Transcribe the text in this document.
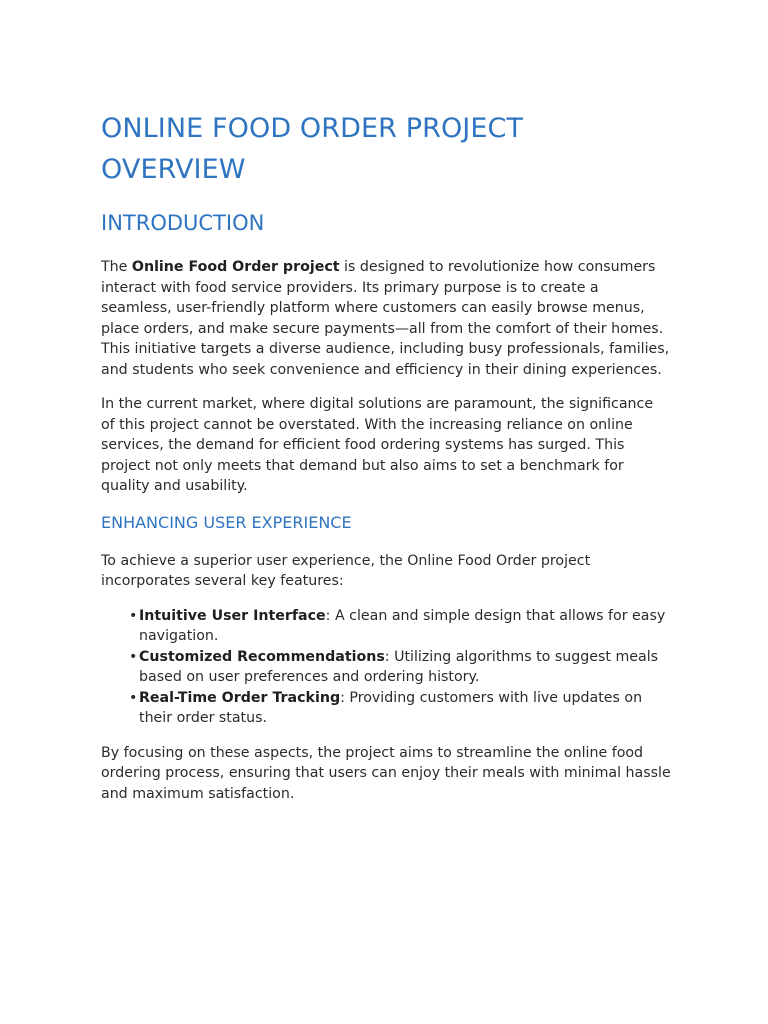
ONLINE FOOD ORDER PROJECT OVERVIEW
INTRODUCTION

The Online Food Order project is designed to revolutionize how consumers interact with food service providers. Its primary purpose is to create a seamless, user-friendly platform where customers can easily browse menus, place orders, and make secure payments—all from the comfort of their homes. This initiative targets a diverse audience, including busy professionals, families, and students who seek convenience and efficiency in their dining experiences.

In the current market, where digital solutions are paramount, the significance of this project cannot be overstated. With the increasing reliance on online services, the demand for efficient food ordering systems has surged. This project not only meets that demand but also aims to set a benchmark for quality and usability.

ENHANCING USER EXPERIENCE

To achieve a superior user experience, the Online Food Order project incorporates several key features:

• Intuitive User Interface: A clean and simple design that allows for easy navigation.
• Customized Recommendations: Utilizing algorithms to suggest meals based on user preferences and ordering history.
• Real-Time Order Tracking: Providing customers with live updates on their order status.

By focusing on these aspects, the project aims to streamline the online food ordering process, ensuring that users can enjoy their meals with minimal hassle and maximum satisfaction.
